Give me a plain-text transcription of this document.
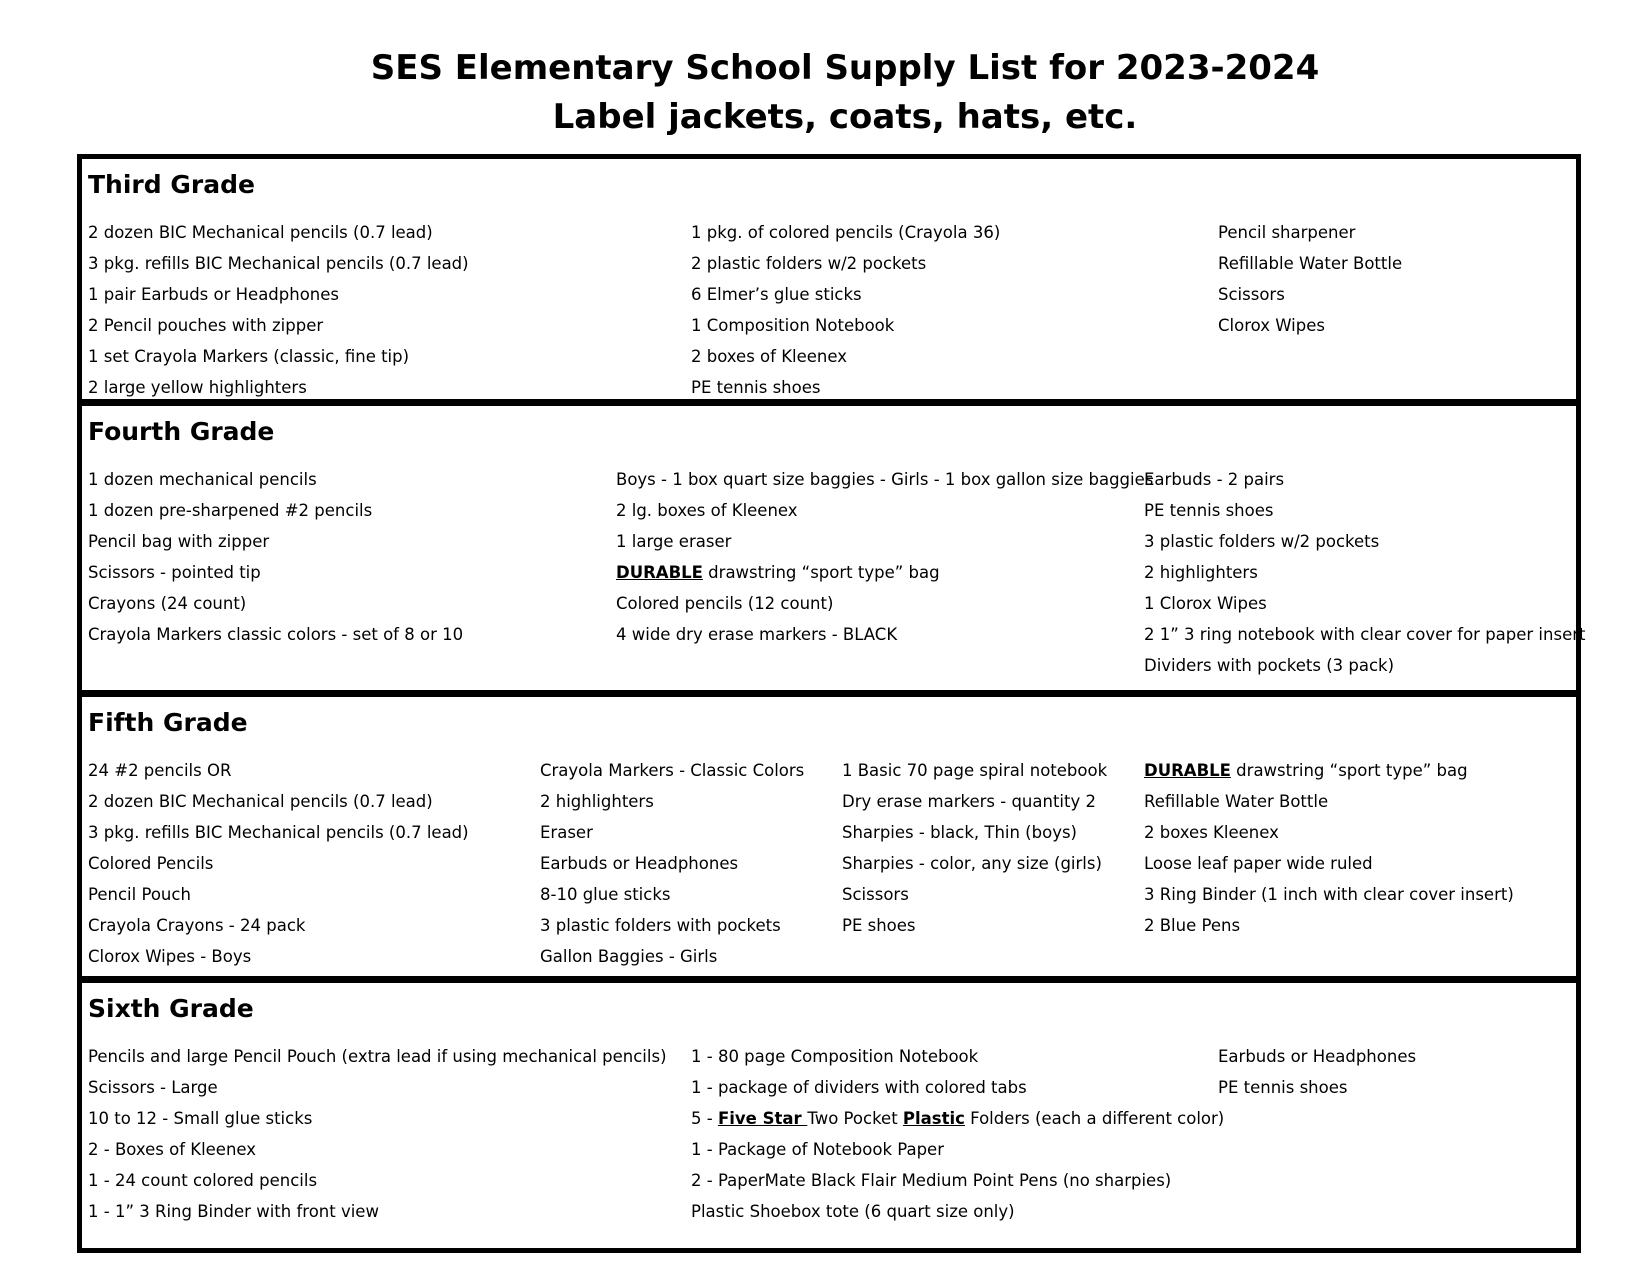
SES Elementary School Supply List for 2023-2024
Label jackets, coats, hats, etc.
Third Grade
2 dozen BIC Mechanical pencils (0.7 lead)
3 pkg. refills BIC Mechanical pencils (0.7 lead)
1 pair Earbuds or Headphones
2 Pencil pouches with zipper
1 set Crayola Markers (classic, fine tip)
2 large yellow highlighters
1 pkg. of colored pencils (Crayola 36)
2 plastic folders w/2 pockets
6 Elmer’s glue sticks
1 Composition Notebook
2 boxes of Kleenex
PE tennis shoes
Pencil sharpener
Refillable Water Bottle
Scissors
Clorox Wipes
Fourth Grade
1 dozen mechanical pencils
1 dozen pre-sharpened #2 pencils
Pencil bag with zipper
Scissors - pointed tip
Crayons (24 count)
Crayola Markers classic colors - set of 8 or 10
Boys - 1 box quart size baggies - Girls - 1 box gallon size baggies
2 lg. boxes of Kleenex
1 large eraser
DURABLE drawstring “sport type” bag
Colored pencils (12 count)
4 wide dry erase markers - BLACK
Earbuds - 2 pairs
PE tennis shoes
3 plastic folders w/2 pockets
2 highlighters
1 Clorox Wipes
2 1” 3 ring notebook with clear cover for paper insert
Dividers with pockets (3 pack)
Fifth Grade
24 #2 pencils OR
2 dozen BIC Mechanical pencils (0.7 lead)
3 pkg. refills BIC Mechanical pencils (0.7 lead)
Colored Pencils
Pencil Pouch
Crayola Crayons - 24 pack
Clorox Wipes - Boys
Crayola Markers - Classic Colors
2 highlighters
Eraser
Earbuds or Headphones
8-10 glue sticks
3 plastic folders with pockets
Gallon Baggies - Girls
1 Basic 70 page spiral notebook
Dry erase markers - quantity 2
Sharpies - black, Thin (boys)
Sharpies - color, any size (girls)
Scissors
PE shoes
DURABLE drawstring “sport type” bag
Refillable Water Bottle
2 boxes Kleenex
Loose leaf paper wide ruled
3 Ring Binder (1 inch with clear cover insert)
2 Blue Pens
Sixth Grade
Pencils and large Pencil Pouch (extra lead if using mechanical pencils)
Scissors - Large
10 to 12 - Small glue sticks
2 - Boxes of Kleenex
1 - 24 count colored pencils
1 - 1” 3 Ring Binder with front view
1 - 80 page Composition Notebook
1 - package of dividers with colored tabs
5 - Five Star Two Pocket Plastic Folders (each a different color)
1 - Package of Notebook Paper
2 - PaperMate Black Flair Medium Point Pens (no sharpies)
Plastic Shoebox tote (6 quart size only)
Earbuds or Headphones
PE tennis shoes
